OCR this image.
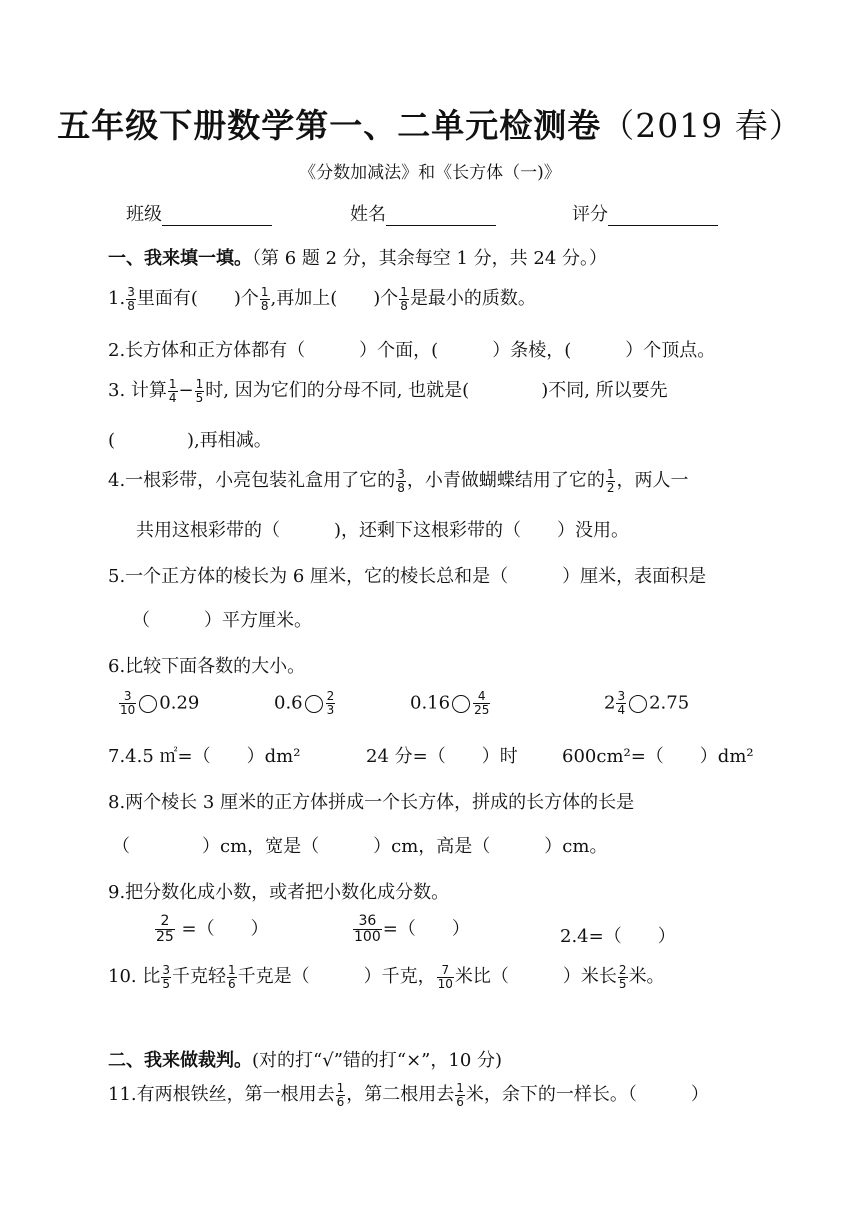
五年级下册数学第一、二单元检测卷（2019 春）
《分数加减法》和《长方体（一)》
班级	姓名	评分
一、我来填一填。（第 6 题 2 分，其余每空 1 分，共 24 分。）
1. $\frac{3}{8}$ 里面有(　　)个 $\frac{1}{8}$ ,再加上(　　)个 $\frac{1}{8}$ 是最小的质数。
2.长方体和正方体都有（　　　）个面，(　　　）条棱，(　　　）个顶点。
3. 计算 $\frac{1}{4} - \frac{1}{5}$ 时, 因为它们的分母不同, 也就是(　　　　)不同, 所以要先
(　　　　),再相减。
4.一根彩带，小亮包装礼盒用了它的 $\frac{3}{8}$ ，小青做蝴蝶结用了它的 $\frac{1}{2}$ ，两人一
共用这根彩带的（　　　)，还剩下这根彩带的（　　）没用。
5.一个正方体的棱长为 6 厘米，它的棱长总和是（　　　）厘米，表面积是
（　　　）平方厘米。
6.比较下面各数的大小。
$\frac{3}{10} 0.29$	$0.6 \frac{2}{3}$	$0.16 \frac{4}{25}$	$2 \frac{3}{4} 2.75$
7.4.5 ㎡=（　　）dm²	24 分=（　　）时 600cm²=（　　）dm²
8.两个棱长 3 厘米的正方体拼成一个长方体，拼成的长方体的长是
（　　　　）cm，宽是（　　　）cm，高是（　　　）cm。
9.把分数化成小数，或者把小数化成分数。
$\frac{2}{25}$ =（　　）	$\frac{36}{100}$ =（　　）	2.4=（　　）
10. 比 $\frac{3}{5}$ 千克轻 $\frac{1}{6}$ 千克是（　　　）千克， $\frac{7}{10}$ 米比（　　　）米长 $\frac{2}{5}$ 米。
二、我来做裁判。(对的打“√”错的打“×”，10 分)
11.有两根铁丝，第一根用去 $\frac{1}{6}$ ，第二根用去 $\frac{1}{6}$ 米，余下的一样长。（　　　）
